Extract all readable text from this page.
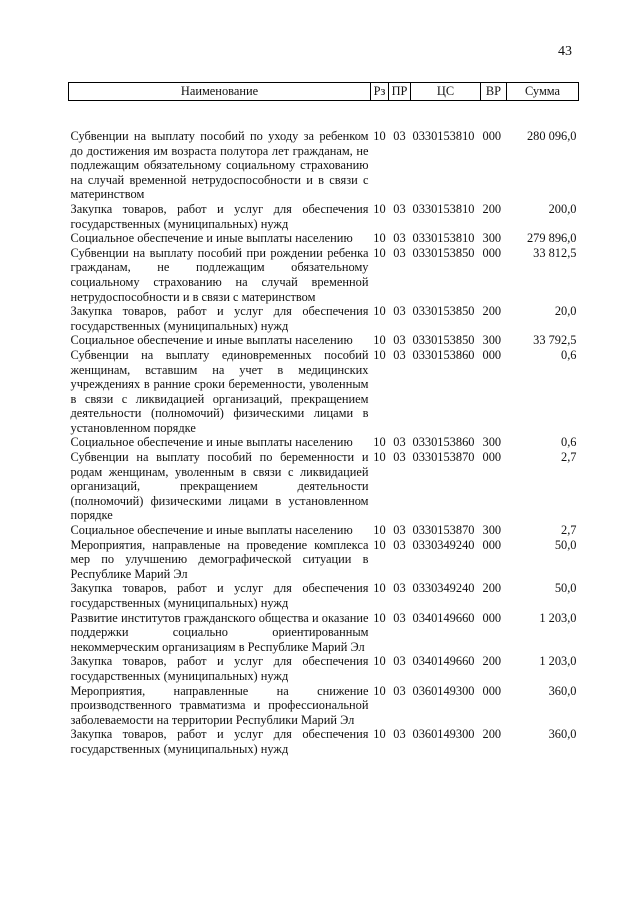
43
Наименование	Рз	ПР	ЦС	ВР	Сумма
Субвенции на выплату пособий по уходу за ребенком до достижения им возраста полутора лет гражданам, не подлежащим обязательному социальному страхованию на случай временной нетрудоспособности и в связи с материнством	10	03	0330153810	000	280 096,0
Закупка товаров, работ и услуг для обеспечения государственных (муниципальных) нужд	10	03	0330153810	200	200,0
Социальное обеспечение и иные выплаты населению	10	03	0330153810	300	279 896,0
Субвенции на выплату пособий при рождении ребенка гражданам, не подлежащим обязательному социальному страхованию на случай временной нетрудоспособности и в связи с материнством	10	03	0330153850	000	33 812,5
Закупка товаров, работ и услуг для обеспечения государственных (муниципальных) нужд	10	03	0330153850	200	20,0
Социальное обеспечение и иные выплаты населению	10	03	0330153850	300	33 792,5
Субвенции на выплату единовременных пособий женщинам, вставшим на учет в медицинских учреждениях в ранние сроки беременности, уволенным в связи с ликвидацией организаций, прекращением деятельности (полномочий) физическими лицами в установленном порядке	10	03	0330153860	000	0,6
Социальное обеспечение и иные выплаты населению	10	03	0330153860	300	0,6
Субвенции на выплату пособий по беременности и родам женщинам, уволенным в связи с ликвидацией организаций, прекращением деятельности (полномочий) физическими лицами в установленном порядке	10	03	0330153870	000	2,7
Социальное обеспечение и иные выплаты населению	10	03	0330153870	300	2,7
Мероприятия, направленые на проведение комплекса мер по улучшению демографической ситуации в Республике Марий Эл	10	03	0330349240	000	50,0
Закупка товаров, работ и услуг для обеспечения государственных (муниципальных) нужд	10	03	0330349240	200	50,0
Развитие институтов гражданского общества и оказание поддержки социально ориентированным некоммерческим организациям в Республике Марий Эл	10	03	0340149660	000	1 203,0
Закупка товаров, работ и услуг для обеспечения государственных (муниципальных) нужд	10	03	0340149660	200	1 203,0
Мероприятия, направленные на снижение производственного травматизма и профессиональной заболеваемости на территории Республики Марий Эл	10	03	0360149300	000	360,0
Закупка товаров, работ и услуг для обеспечения государственных (муниципальных) нужд	10	03	0360149300	200	360,0
